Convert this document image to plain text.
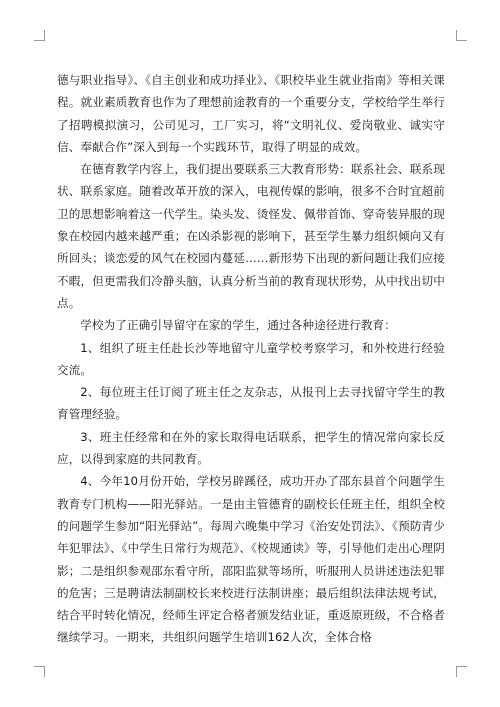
德与职业指导》、《自主创业和成功择业》、《职校毕业生就业指南》等相关课程。就业素质教育也作为了理想前途教育的一个重要分支，学校给学生举行了招聘模拟演习，公司见习，工厂实习，将“文明礼仪、爱岗敬业、诚实守信、奉献合作”深入到每一个实践环节，取得了明显的成效。

在德育教学内容上，我们提出要联系三大教育形势：联系社会、联系现状、联系家庭。随着改革开放的深入，电视传媒的影响，很多不合时宜超前卫的思想影响着这一代学生。染头发、烫怪发、佩带首饰、穿奇装异服的现象在校园内越来越严重；在凶杀影视的影响下，甚至学生暴力组织倾向又有所回头；谈恋爱的风气在校园内蔓延……新形势下出现的新问题让我们应接不暇，但更需我们冷静头脑，认真分析当前的教育现状形势，从中找出切中点。

学校为了正确引导留守在家的学生，通过各种途径进行教育：

1、组织了班主任赴长沙等地留守儿童学校考察学习，和外校进行经验交流。

2、每位班主任订阅了班主任之友杂志，从报刊上去寻找留守学生的教育管理经验。

3、班主任经常和在外的家长取得电话联系，把学生的情况常向家长反应，以得到家庭的共同教育。

4、今年10月份开始，学校另辟蹊径，成功开办了邵东县首个问题学生教育专门机构——阳光驿站。一是由主管德育的副校长任班主任，组织全校的问题学生参加“阳光驿站”。每周六晚集中学习《治安处罚法》、《预防青少年犯罪法》、《中学生日常行为规范》、《校规通读》等，引导他们走出心理阴影；二是组织参观邵东看守所，邵阳监狱等场所，听服刑人员讲述违法犯罪的危害；三是聘请法制副校长来校进行法制讲座；最后组织法律法规考试，结合平时转化情况，经师生评定合格者颁发结业证，重返原班级，不合格者继续学习。一期来，共组织问题学生培训162人次，全体合格
